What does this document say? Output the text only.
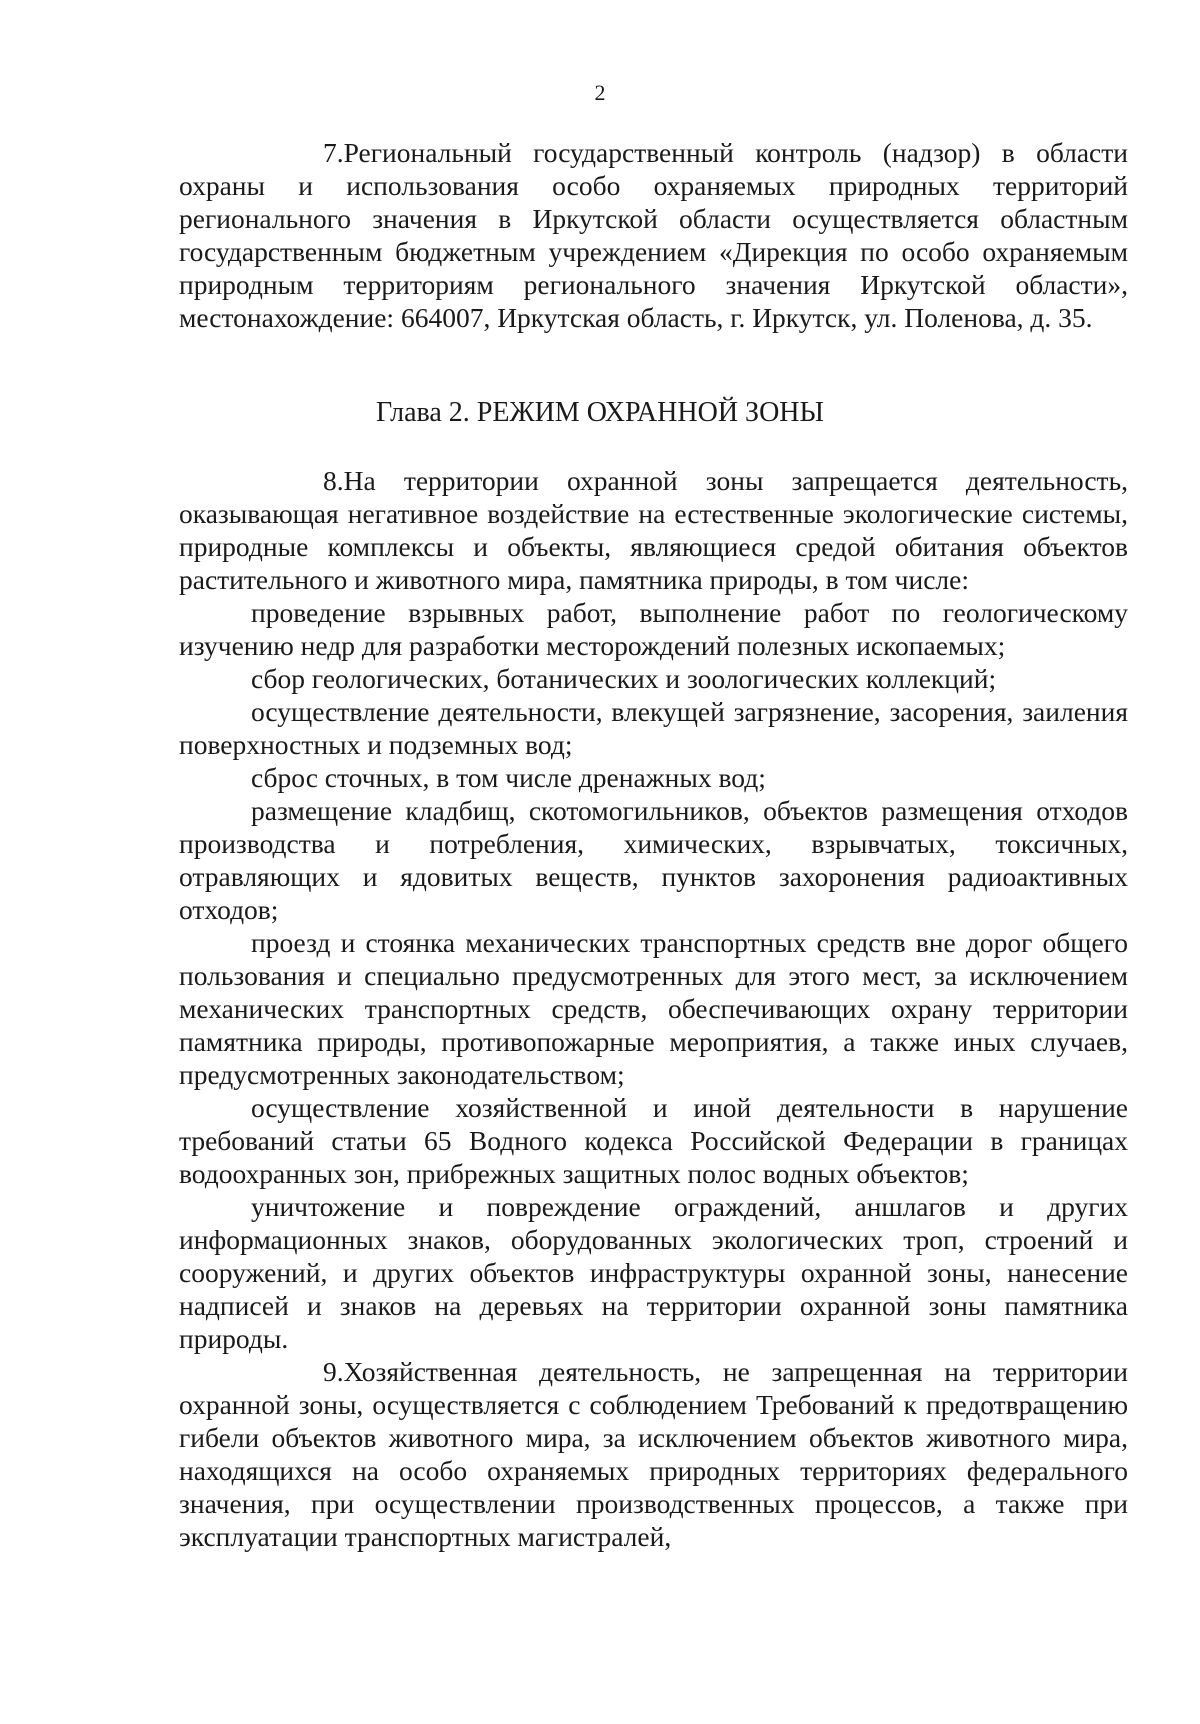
2

7.Региональный государственный контроль (надзор) в области охраны и использования особо охраняемых природных территорий регионального значения в Иркутской области осуществляется областным государственным бюджетным учреждением «Дирекция по особо охраняемым природным территориям регионального значения Иркутской области», местонахождение: 664007, Иркутская область, г. Иркутск, ул. Поленова, д. 35.

Глава 2. РЕЖИМ ОХРАННОЙ ЗОНЫ

8.На территории охранной зоны запрещается деятельность, оказывающая негативное воздействие на естественные экологические системы, природные комплексы и объекты, являющиеся средой обитания объектов растительного и животного мира, памятника природы, в том числе:

проведение взрывных работ, выполнение работ по геологическому изучению недр для разработки месторождений полезных ископаемых;

сбор геологических, ботанических и зоологических коллекций;

осуществление деятельности, влекущей загрязнение, засорения, заиления поверхностных и подземных вод;

сброс сточных, в том числе дренажных вод;

размещение кладбищ, скотомогильников, объектов размещения отходов производства и потребления, химических, взрывчатых, токсичных, отравляющих и ядовитых веществ, пунктов захоронения радиоактивных отходов;

проезд и стоянка механических транспортных средств вне дорог общего пользования и специально предусмотренных для этого мест, за исключением механических транспортных средств, обеспечивающих охрану территории памятника природы, противопожарные мероприятия, а также иных случаев, предусмотренных законодательством;

осуществление хозяйственной и иной деятельности в нарушение требований статьи 65 Водного кодекса Российской Федерации в границах водоохранных зон, прибрежных защитных полос водных объектов;

уничтожение и повреждение ограждений, аншлагов и других информационных знаков, оборудованных экологических троп, строений и сооружений, и других объектов инфраструктуры охранной зоны, нанесение надписей и знаков на деревьях на территории охранной зоны памятника природы.

9.Хозяйственная деятельность, не запрещенная на территории охранной зоны, осуществляется с соблюдением Требований к предотвращению гибели объектов животного мира, за исключением объектов животного мира, находящихся на особо охраняемых природных территориях федерального значения, при осуществлении производственных процессов, а также при эксплуатации транспортных магистралей,
